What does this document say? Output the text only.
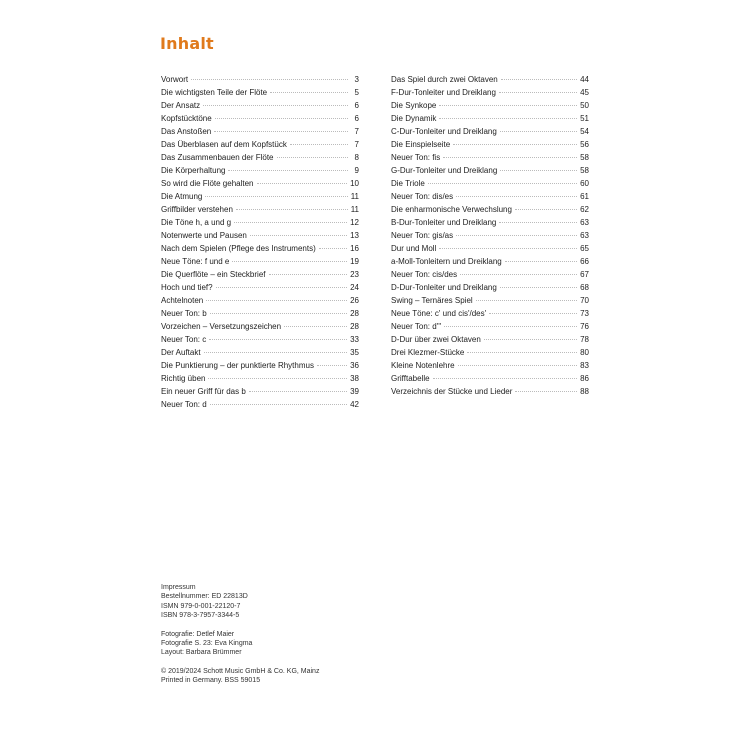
Inhalt
Vorwort	3
Die wichtigsten Teile der Flöte	5
Der Ansatz	6
Kopfstücktöne	6
Das Anstoßen	7
Das Überblasen auf dem Kopfstück	7
Das Zusammenbauen der Flöte	8
Die Körperhaltung	9
So wird die Flöte gehalten	10
Die Atmung	11
Griffbilder verstehen	11
Die Töne h, a und g	12
Notenwerte und Pausen	13
Nach dem Spielen (Pflege des Instruments)	16
Neue Töne: f und e	19
Die Querflöte – ein Steckbrief	23
Hoch und tief?	24
Achtelnoten	26
Neuer Ton: b	28
Vorzeichen – Versetzungszeichen	28
Neuer Ton: c	33
Der Auftakt	35
Die Punktierung – der punktierte Rhythmus	36
Richtig üben	38
Ein neuer Griff für das b	39
Neuer Ton: d	42
Das Spiel durch zwei Oktaven	44
F-Dur-Tonleiter und Dreiklang	45
Die Synkope	50
Die Dynamik	51
C-Dur-Tonleiter und Dreiklang	54
Die Einspielseite	56
Neuer Ton: fis	58
G-Dur-Tonleiter und Dreiklang	58
Die Triole	60
Neuer Ton: dis/es	61
Die enharmonische Verwechslung	62
B-Dur-Tonleiter und Dreiklang	63
Neuer Ton: gis/as	63
Dur und Moll	65
a-Moll-Tonleitern und Dreiklang	66
Neuer Ton: cis/des	67
D-Dur-Tonleiter und Dreiklang	68
Swing – Ternäres Spiel	70
Neue Töne: c' und cis'/des'	73
Neuer Ton: d'''	76
D-Dur über zwei Oktaven	78
Drei Klezmer-Stücke	80
Kleine Notenlehre	83
Grifftabelle	86
Verzeichnis der Stücke und Lieder	88
Impressum
Bestellnummer: ED 22813D
ISMN 979-0-001-22120-7
ISBN 978-3-7957-3344-5
Fotografie: Detlef Maier
Fotografie S. 23: Eva Kingma
Layout: Barbara Brümmer
© 2019/2024 Schott Music GmbH & Co. KG, Mainz
Printed in Germany. BSS 59015
